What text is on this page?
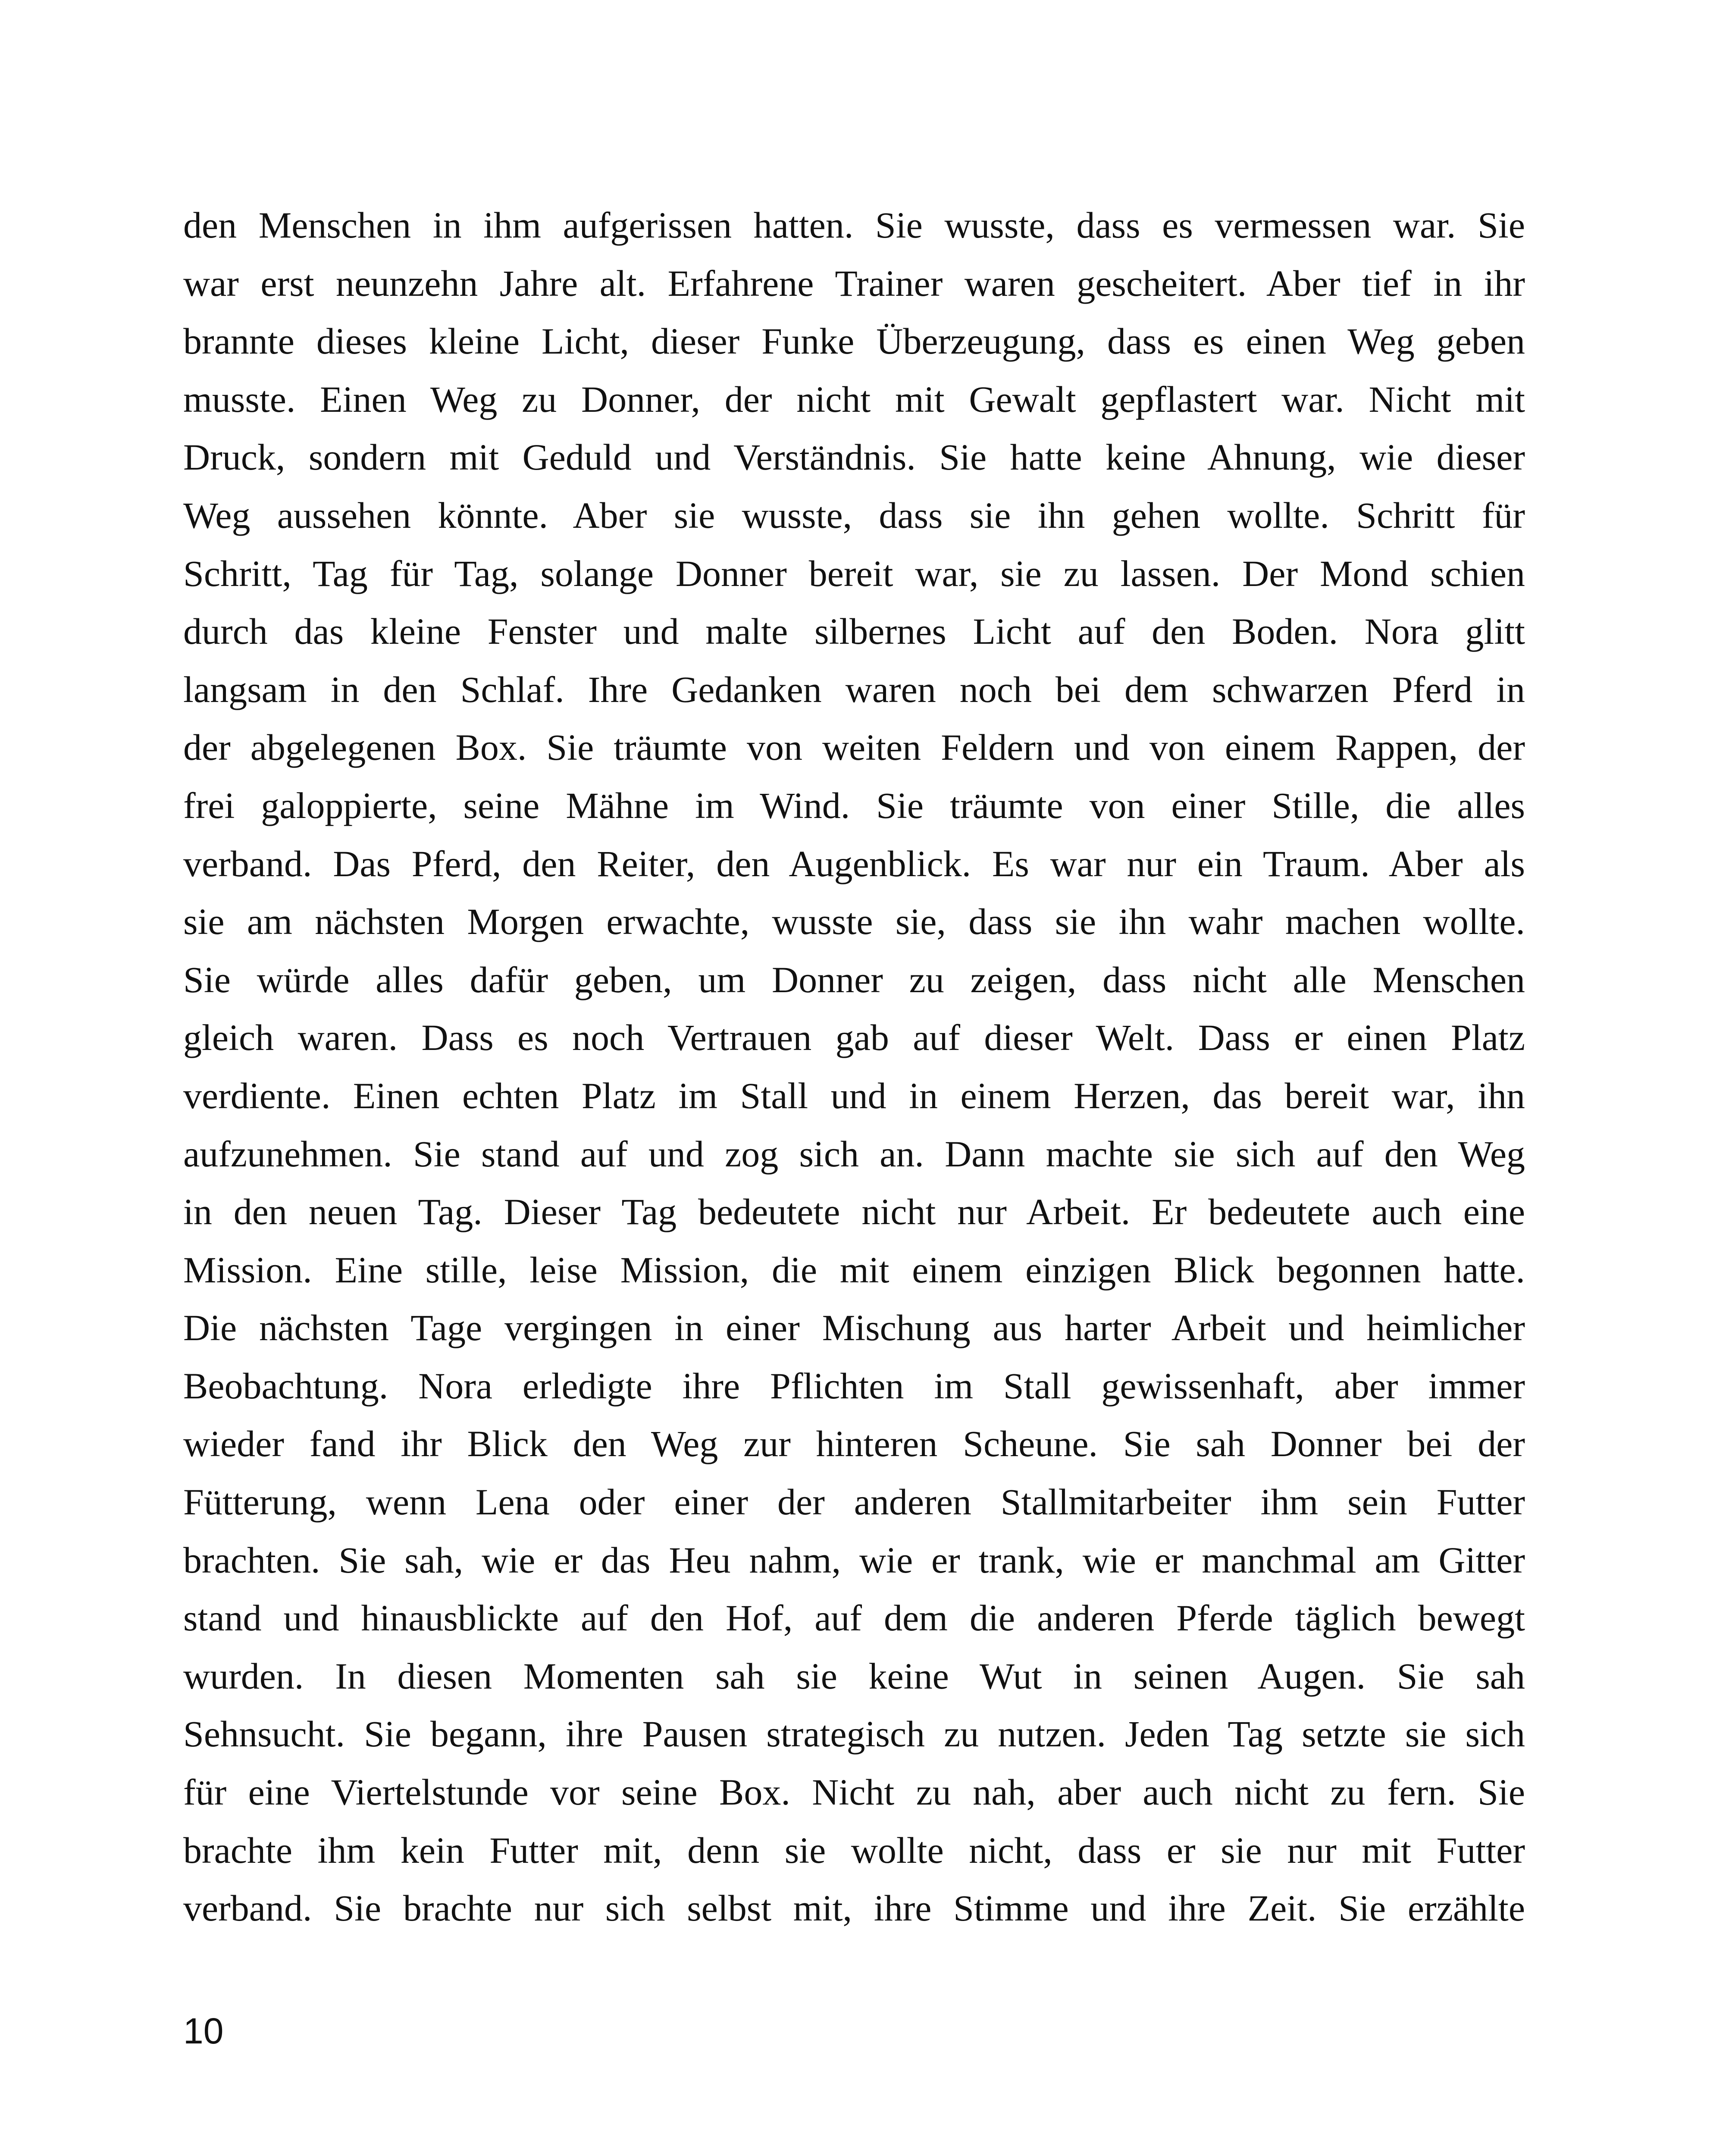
den Menschen in ihm aufgerissen hatten. Sie wusste, dass es vermessen war. Sie
war erst neunzehn Jahre alt. Erfahrene Trainer waren gescheitert. Aber tief in ihr
brannte dieses kleine Licht, dieser Funke Überzeugung, dass es einen Weg geben
musste. Einen Weg zu Donner, der nicht mit Gewalt gepflastert war. Nicht mit
Druck, sondern mit Geduld und Verständnis. Sie hatte keine Ahnung, wie dieser
Weg aussehen könnte. Aber sie wusste, dass sie ihn gehen wollte. Schritt für
Schritt, Tag für Tag, solange Donner bereit war, sie zu lassen. Der Mond schien
durch das kleine Fenster und malte silbernes Licht auf den Boden. Nora glitt
langsam in den Schlaf. Ihre Gedanken waren noch bei dem schwarzen Pferd in
der abgelegenen Box. Sie träumte von weiten Feldern und von einem Rappen, der
frei galoppierte, seine Mähne im Wind. Sie träumte von einer Stille, die alles
verband. Das Pferd, den Reiter, den Augenblick. Es war nur ein Traum. Aber als
sie am nächsten Morgen erwachte, wusste sie, dass sie ihn wahr machen wollte.
Sie würde alles dafür geben, um Donner zu zeigen, dass nicht alle Menschen
gleich waren. Dass es noch Vertrauen gab auf dieser Welt. Dass er einen Platz
verdiente. Einen echten Platz im Stall und in einem Herzen, das bereit war, ihn
aufzunehmen. Sie stand auf und zog sich an. Dann machte sie sich auf den Weg
in den neuen Tag. Dieser Tag bedeutete nicht nur Arbeit. Er bedeutete auch eine
Mission. Eine stille, leise Mission, die mit einem einzigen Blick begonnen hatte.
Die nächsten Tage vergingen in einer Mischung aus harter Arbeit und heimlicher
Beobachtung. Nora erledigte ihre Pflichten im Stall gewissenhaft, aber immer
wieder fand ihr Blick den Weg zur hinteren Scheune. Sie sah Donner bei der
Fütterung, wenn Lena oder einer der anderen Stallmitarbeiter ihm sein Futter
brachten. Sie sah, wie er das Heu nahm, wie er trank, wie er manchmal am Gitter
stand und hinausblickte auf den Hof, auf dem die anderen Pferde täglich bewegt
wurden. In diesen Momenten sah sie keine Wut in seinen Augen. Sie sah
Sehnsucht. Sie begann, ihre Pausen strategisch zu nutzen. Jeden Tag setzte sie sich
für eine Viertelstunde vor seine Box. Nicht zu nah, aber auch nicht zu fern. Sie
brachte ihm kein Futter mit, denn sie wollte nicht, dass er sie nur mit Futter
verband. Sie brachte nur sich selbst mit, ihre Stimme und ihre Zeit. Sie erzählte
10
